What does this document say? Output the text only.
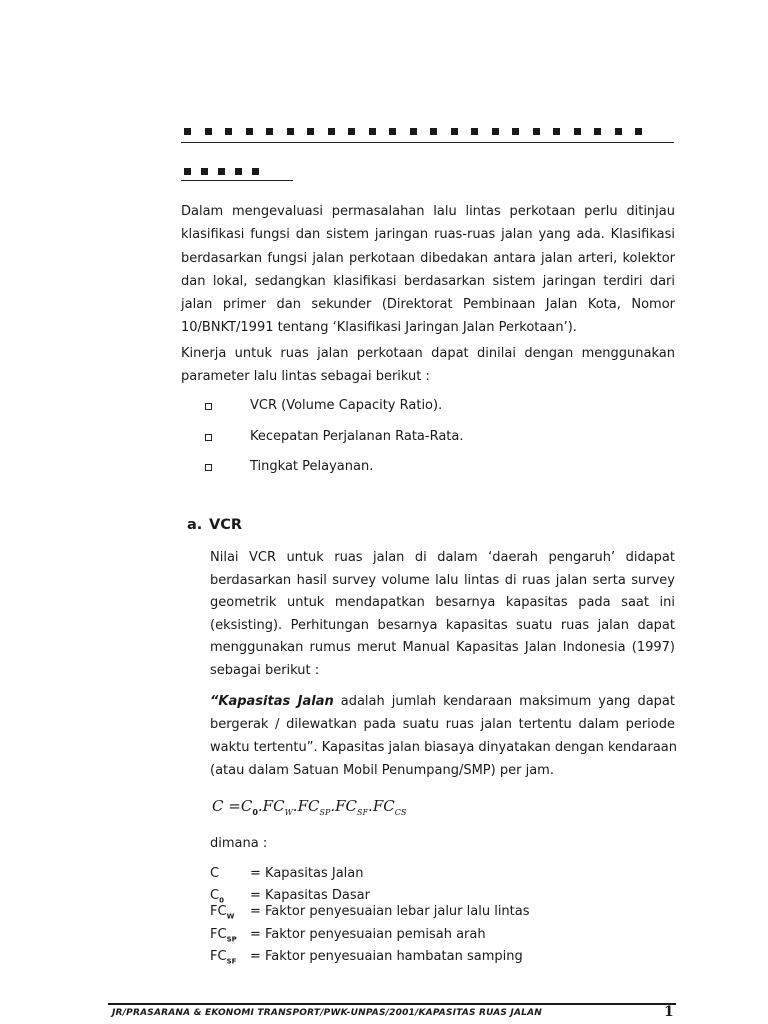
Dalam mengevaluasi permasalahan lalu lintas perkotaan perlu ditinjau
klasifikasi fungsi dan sistem jaringan ruas-ruas jalan yang ada. Klasifikasi
berdasarkan fungsi jalan perkotaan dibedakan antara jalan arteri, kolektor
dan lokal, sedangkan klasifikasi berdasarkan sistem jaringan terdiri dari
jalan primer dan sekunder (Direktorat Pembinaan Jalan Kota, Nomor
10/BNKT/1991 tentang ‘Klasifikasi Jaringan Jalan Perkotaan’).
Kinerja untuk ruas jalan perkotaan dapat dinilai dengan menggunakan
parameter lalu lintas sebagai berikut :
VCR (Volume Capacity Ratio).
Kecepatan Perjalanan Rata-Rata.
Tingkat Pelayanan.
a. VCR
Nilai VCR untuk ruas jalan di dalam ‘daerah pengaruh’ didapat
berdasarkan hasil survey volume lalu lintas di ruas jalan serta survey
geometrik untuk mendapatkan besarnya kapasitas pada saat ini
(eksisting). Perhitungan besarnya kapasitas suatu ruas jalan dapat
menggunakan rumus merut Manual Kapasitas Jalan Indonesia (1997)
sebagai berikut :
“Kapasitas Jalan adalah jumlah kendaraan maksimum yang dapat
bergerak / dilewatkan pada suatu ruas jalan tertentu dalam periode
waktu tertentu”. Kapasitas jalan biasaya dinyatakan dengan kendaraan
(atau dalam Satuan Mobil Penumpang/SMP) per jam.
$C =C_0.FC_W.FC_{SP}.FC_{SF}.FC_{CS}$
dimana :
C = Kapasitas Jalan
$C_0$ = Kapasitas Dasar
$FC_W$ = Faktor penyesuaian lebar jalur lalu lintas
$FC_{SP}$ = Faktor penyesuaian pemisah arah
$FC_{SF}$ = Faktor penyesuaian hambatan samping
JR/PRASARANA & EKONOMI TRANSPORT/PWK-UNPAS/2001/KAPASITAS RUAS JALAN	1
